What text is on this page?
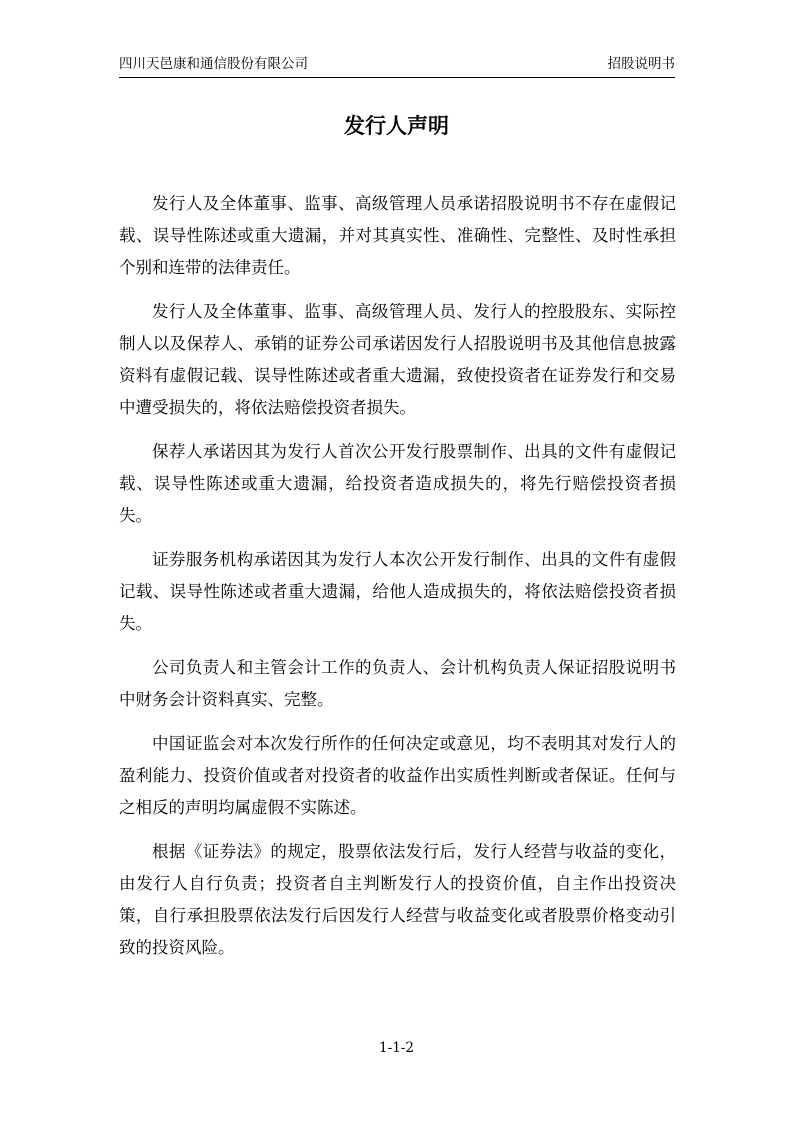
四川天邑康和通信股份有限公司	招股说明书
发行人声明

发行人及全体董事、监事、高级管理人员承诺招股说明书不存在虚假记载、误导性陈述或重大遗漏，并对其真实性、准确性、完整性、及时性承担个别和连带的法律责任。

发行人及全体董事、监事、高级管理人员、发行人的控股股东、实际控制人以及保荐人、承销的证券公司承诺因发行人招股说明书及其他信息披露资料有虚假记载、误导性陈述或者重大遗漏，致使投资者在证券发行和交易中遭受损失的，将依法赔偿投资者损失。

保荐人承诺因其为发行人首次公开发行股票制作、出具的文件有虚假记载、误导性陈述或重大遗漏，给投资者造成损失的，将先行赔偿投资者损失。

证券服务机构承诺因其为发行人本次公开发行制作、出具的文件有虚假记载、误导性陈述或者重大遗漏，给他人造成损失的，将依法赔偿投资者损失。

公司负责人和主管会计工作的负责人、会计机构负责人保证招股说明书中财务会计资料真实、完整。

中国证监会对本次发行所作的任何决定或意见，均不表明其对发行人的盈利能力、投资价值或者对投资者的收益作出实质性判断或者保证。任何与之相反的声明均属虚假不实陈述。

根据《证券法》的规定，股票依法发行后，发行人经营与收益的变化，由发行人自行负责；投资者自主判断发行人的投资价值，自主作出投资决策，自行承担股票依法发行后因发行人经营与收益变化或者股票价格变动引致的投资风险。

1-1-2
